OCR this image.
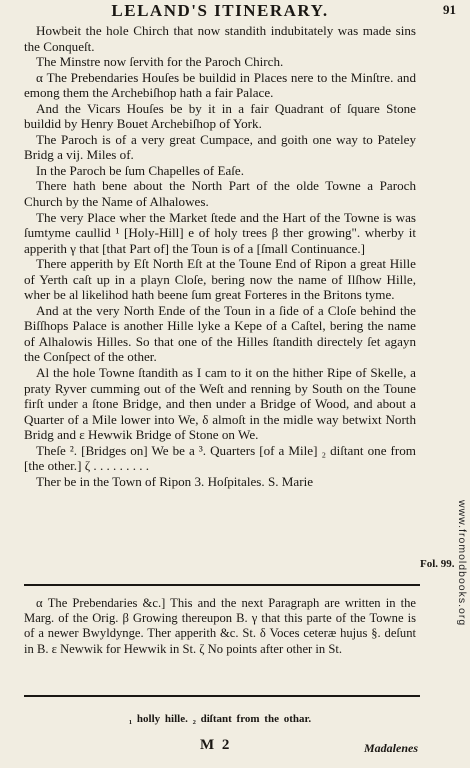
LELAND'S ITINERARY.	91

Howbeit the hole Chirch that now standith indubitately was made sins the Conqueſt.

The Minstre now ſervith for the Paroch Chirch.

α The Prebendaries Houſes be buildid in Places nere to the Minſtre. and emong them the Archebiſhop hath a fair Palace.

And the Vicars Houſes be by it in a fair Quadrant of ſquare Stone buildid by Henry Bouet Archebiſhop of York.

The Paroch is of a very great Cumpace, and goith one way to Pateley Bridg a vij. Miles of.

In the Paroch be ſum Chapelles of Eaſe.

There hath bene about the North Part of the olde Towne a Paroch Church by the Name of Alhalowes.

The very Place wher the Market ſtede and the Hart of the Towne is was ſumtyme caullid ¹ [Holy-Hill] e of holy trees β ther growing". wherby it apperith γ that [that Part of] the Toun is of a [ſmall Continuance.]

There apperith by Eſt North Eſt at the Toune End of Ripon a great Hille of Yerth caſt up in a playn Cloſe, bering now the name of Ilſhow Hille, wher be al likelihod hath beene ſum great Forteres in the Britons tyme.

And at the very North Ende of the Toun in a ſide of a Cloſe behind the Biſſhops Palace is another Hille lyke a Kepe of a Caſtel, bering the name of Alhalowis Hilles. So that one of the Hilles ſtandith directely ſet agayn the Conſpect of the other.

Al the hole Towne ſtandith as I cam to it on the hither Ripe of Skelle, a praty Ryver cumming out of the Weſt and renning by South on the Toune firſt under a ſtone Bridge, and then under a Bridge of Wood, and about a Quarter of a Mile lower into We, δ almoſt in the midle way betwixt North Bridg and ε Hewwik Bridge of Stone on We.

Theſe ². [Bridges on] We be a ³. Quarters [of a Mile] ₂ diſtant one from [the other.] ζ . . . . . . . . .

Ther be in the Town of Ripon 3. Hoſpitales. S. Marie

Fol. 99.

α The Prebendaries &c.] This and the next Paragraph are written in the Marg. of the Orig. β Growing thereupon B. γ that this parte of the Towne is of a newer Bwyldynge. Ther apperith &c. St. δ Voces ceteræ hujus §. deſunt in B. ε Newwik for Hewwik in St. ζ No points after other in St.

₁ holly hille. ₂ diſtant from the othar.
M 2	Madalenes
www.fromoldbooks.org
